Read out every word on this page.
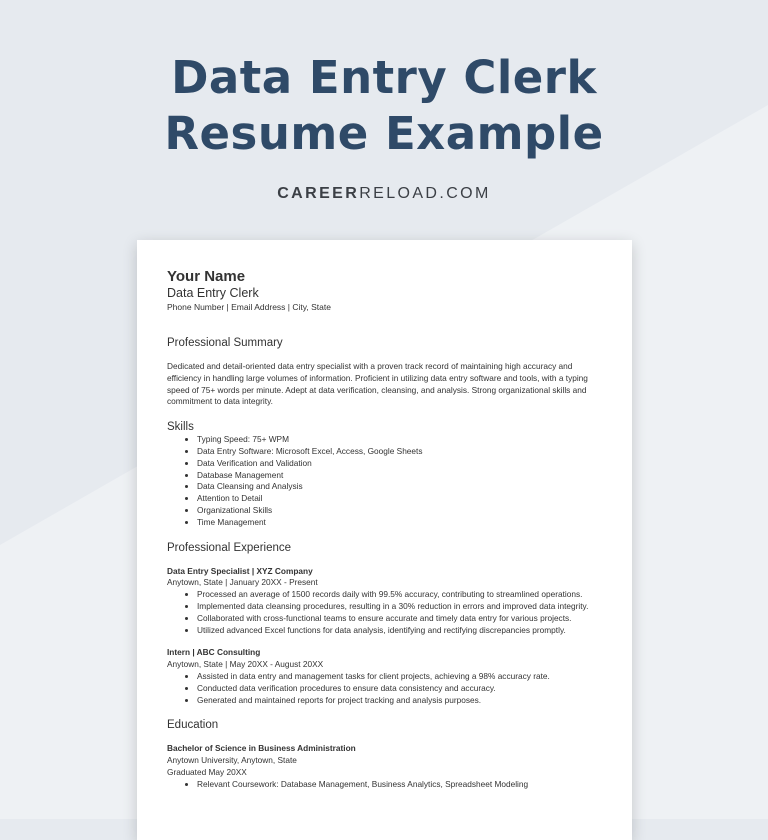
Data Entry Clerk
Resume Example
CAREERRELOAD.COM
Your Name
Data Entry Clerk
Phone Number | Email Address | City, State
Professional Summary
Dedicated and detail-oriented data entry specialist with a proven track record of maintaining high accuracy and efficiency in handling large volumes of information. Proficient in utilizing data entry software and tools, with a typing speed of 75+ words per minute. Adept at data verification, cleansing, and analysis. Strong organizational skills and commitment to data integrity.
Skills
• Typing Speed: 75+ WPM
• Data Entry Software: Microsoft Excel, Access, Google Sheets
• Data Verification and Validation
• Database Management
• Data Cleansing and Analysis
• Attention to Detail
• Organizational Skills
• Time Management
Professional Experience
Data Entry Specialist | XYZ Company
Anytown, State | January 20XX - Present
• Processed an average of 1500 records daily with 99.5% accuracy, contributing to streamlined operations.
• Implemented data cleansing procedures, resulting in a 30% reduction in errors and improved data integrity.
• Collaborated with cross-functional teams to ensure accurate and timely data entry for various projects.
• Utilized advanced Excel functions for data analysis, identifying and rectifying discrepancies promptly.
Intern | ABC Consulting
Anytown, State | May 20XX - August 20XX
• Assisted in data entry and management tasks for client projects, achieving a 98% accuracy rate.
• Conducted data verification procedures to ensure data consistency and accuracy.
• Generated and maintained reports for project tracking and analysis purposes.
Education
Bachelor of Science in Business Administration
Anytown University, Anytown, State
Graduated May 20XX
• Relevant Coursework: Database Management, Business Analytics, Spreadsheet Modeling
